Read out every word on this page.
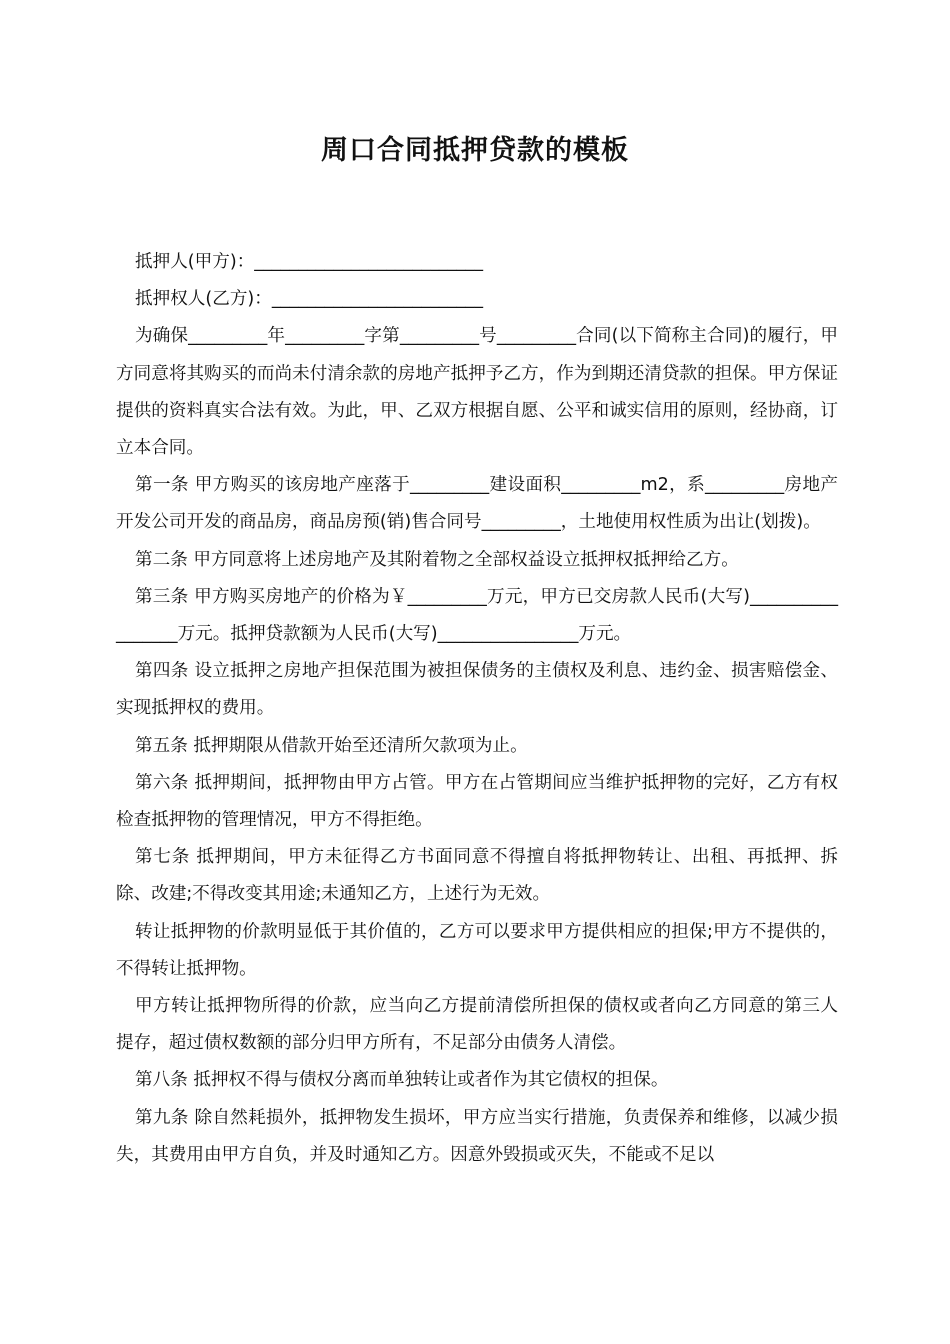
周口合同抵押贷款的模板

抵押人(甲方)：__________________________

抵押权人(乙方)：________________________

为确保_________年_________字第_________号_________合同(以下简称主合同)的履行，甲方同意将其购买的而尚未付清余款的房地产抵押予乙方，作为到期还清贷款的担保。甲方保证提供的资料真实合法有效。为此，甲、乙双方根据自愿、公平和诚实信用的原则，经协商，订立本合同。

第一条 甲方购买的该房地产座落于_________建设面积_________m2，系_________房地产开发公司开发的商品房，商品房预(销)售合同号_________，土地使用权性质为出让(划拨)。

第二条 甲方同意将上述房地产及其附着物之全部权益设立抵押权抵押给乙方。

第三条 甲方购买房地产的价格为￥_________万元，甲方已交房款人民币(大写)_________________万元。抵押贷款额为人民币(大写)________________万元。

第四条 设立抵押之房地产担保范围为被担保债务的主债权及利息、违约金、损害赔偿金、实现抵押权的费用。

第五条 抵押期限从借款开始至还清所欠款项为止。

第六条 抵押期间，抵押物由甲方占管。甲方在占管期间应当维护抵押物的完好，乙方有权检查抵押物的管理情况，甲方不得拒绝。

第七条 抵押期间，甲方未征得乙方书面同意不得擅自将抵押物转让、出租、再抵押、拆除、改建;不得改变其用途;未通知乙方，上述行为无效。

转让抵押物的价款明显低于其价值的，乙方可以要求甲方提供相应的担保;甲方不提供的，不得转让抵押物。

甲方转让抵押物所得的价款，应当向乙方提前清偿所担保的债权或者向乙方同意的第三人提存，超过债权数额的部分归甲方所有，不足部分由债务人清偿。

第八条 抵押权不得与债权分离而单独转让或者作为其它债权的担保。

第九条 除自然耗损外，抵押物发生损坏，甲方应当实行措施，负责保养和维修，以减少损失，其费用由甲方自负，并及时通知乙方。因意外毁损或灭失，不能或不足以
